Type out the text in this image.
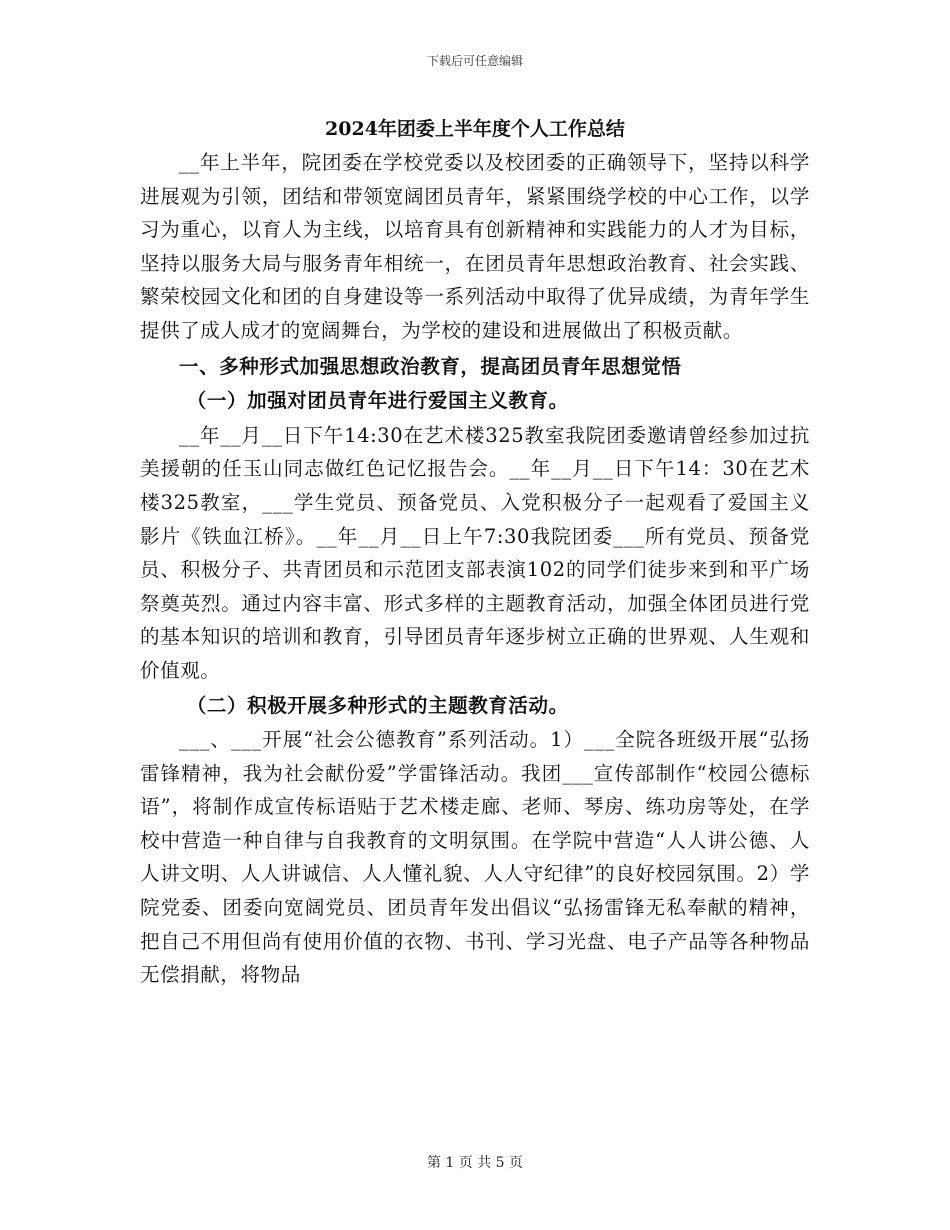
下载后可任意编辑
2024年团委上半年度个人工作总结

__年上半年，院团委在学校党委以及校团委的正确领导下，坚持以科学进展观为引领，团结和带领宽阔团员青年，紧紧围绕学校的中心工作，以学习为重心，以育人为主线，以培育具有创新精神和实践能力的人才为目标，坚持以服务大局与服务青年相统一，在团员青年思想政治教育、社会实践、繁荣校园文化和团的自身建设等一系列活动中取得了优异成绩，为青年学生提供了成人成才的宽阔舞台，为学校的建设和进展做出了积极贡献。

一、多种形式加强思想政治教育，提高团员青年思想觉悟

（一）加强对团员青年进行爱国主义教育。

__年__月__日下午14:30在艺术楼325教室我院团委邀请曾经参加过抗美援朝的任玉山同志做红色记忆报告会。__年__月__日下午14：30在艺术楼325教室，___学生党员、预备党员、入党积极分子一起观看了爱国主义影片《铁血江桥》。__年__月__日上午7:30我院团委___所有党员、预备党员、积极分子、共青团员和示范团支部表演102的同学们徒步来到和平广场祭奠英烈。通过内容丰富、形式多样的主题教育活动，加强全体团员进行党的基本知识的培训和教育，引导团员青年逐步树立正确的世界观、人生观和价值观。

（二）积极开展多种形式的主题教育活动。

___、___开展“社会公德教育”系列活动。1）___全院各班级开展“弘扬雷锋精神，我为社会献份爱”学雷锋活动。我团___宣传部制作“校园公德标语”，将制作成宣传标语贴于艺术楼走廊、老师、琴房、练功房等处，在学校中营造一种自律与自我教育的文明氛围。在学院中营造“人人讲公德、人人讲文明、人人讲诚信、人人懂礼貌、人人守纪律”的良好校园氛围。2）学院党委、团委向宽阔党员、团员青年发出倡议“弘扬雷锋无私奉献的精神，把自己不用但尚有使用价值的衣物、书刊、学习光盘、电子产品等各种物品无偿捐献，将物品

第 1 页 共 5 页
